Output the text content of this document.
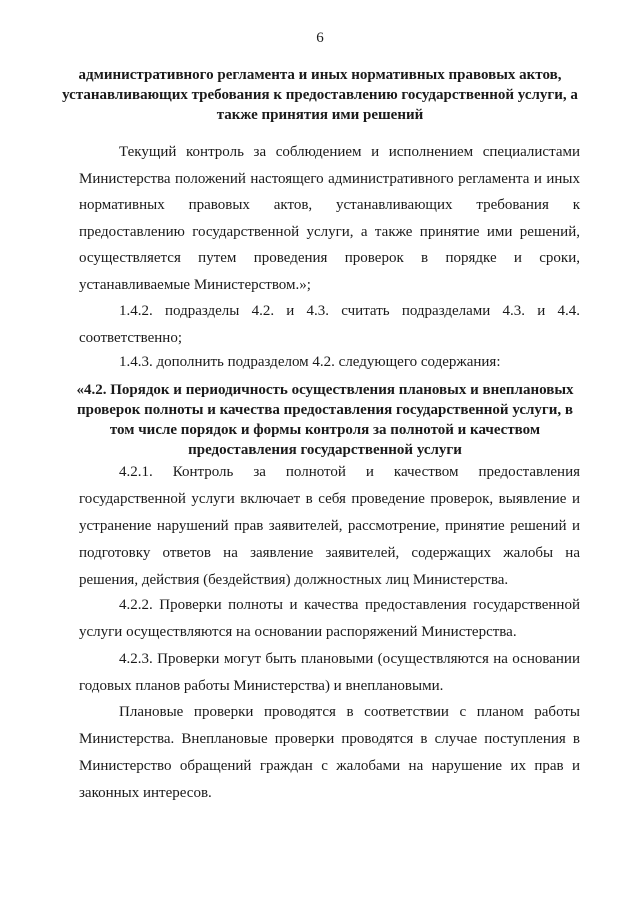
6
административного регламента и иных нормативных правовых актов, устанавливающих требования к предоставлению государственной услуги, а также принятия ими решений
Текущий контроль за соблюдением и исполнением специалистами Министерства положений настоящего административного регламента и иных нормативных правовых актов, устанавливающих требования к предоставлению государственной услуги, а также принятие ими решений, осуществляется путем проведения проверок в порядке и сроки, устанавливаемые Министерством.»;
1.4.2. подразделы 4.2. и 4.3. считать подразделами 4.3. и 4.4. соответственно;
1.4.3. дополнить подразделом 4.2. следующего содержания:
«4.2. Порядок и периодичность осуществления плановых и внеплановых проверок полноты и качества предоставления государственной услуги, в том числе порядок и формы контроля за полнотой и качеством предоставления государственной услуги
4.2.1. Контроль за полнотой и качеством предоставления государственной услуги включает в себя проведение проверок, выявление и устранение нарушений прав заявителей, рассмотрение, принятие решений и подготовку ответов на заявление заявителей, содержащих жалобы на решения, действия (бездействия) должностных лиц Министерства.
4.2.2. Проверки полноты и качества предоставления государственной услуги осуществляются на основании распоряжений Министерства.
4.2.3. Проверки могут быть плановыми (осуществляются на основании годовых планов работы Министерства) и внеплановыми.
Плановые проверки проводятся в соответствии с планом работы Министерства. Внеплановые проверки проводятся в случае поступления в Министерство обращений граждан с жалобами на нарушение их прав и законных интересов.
